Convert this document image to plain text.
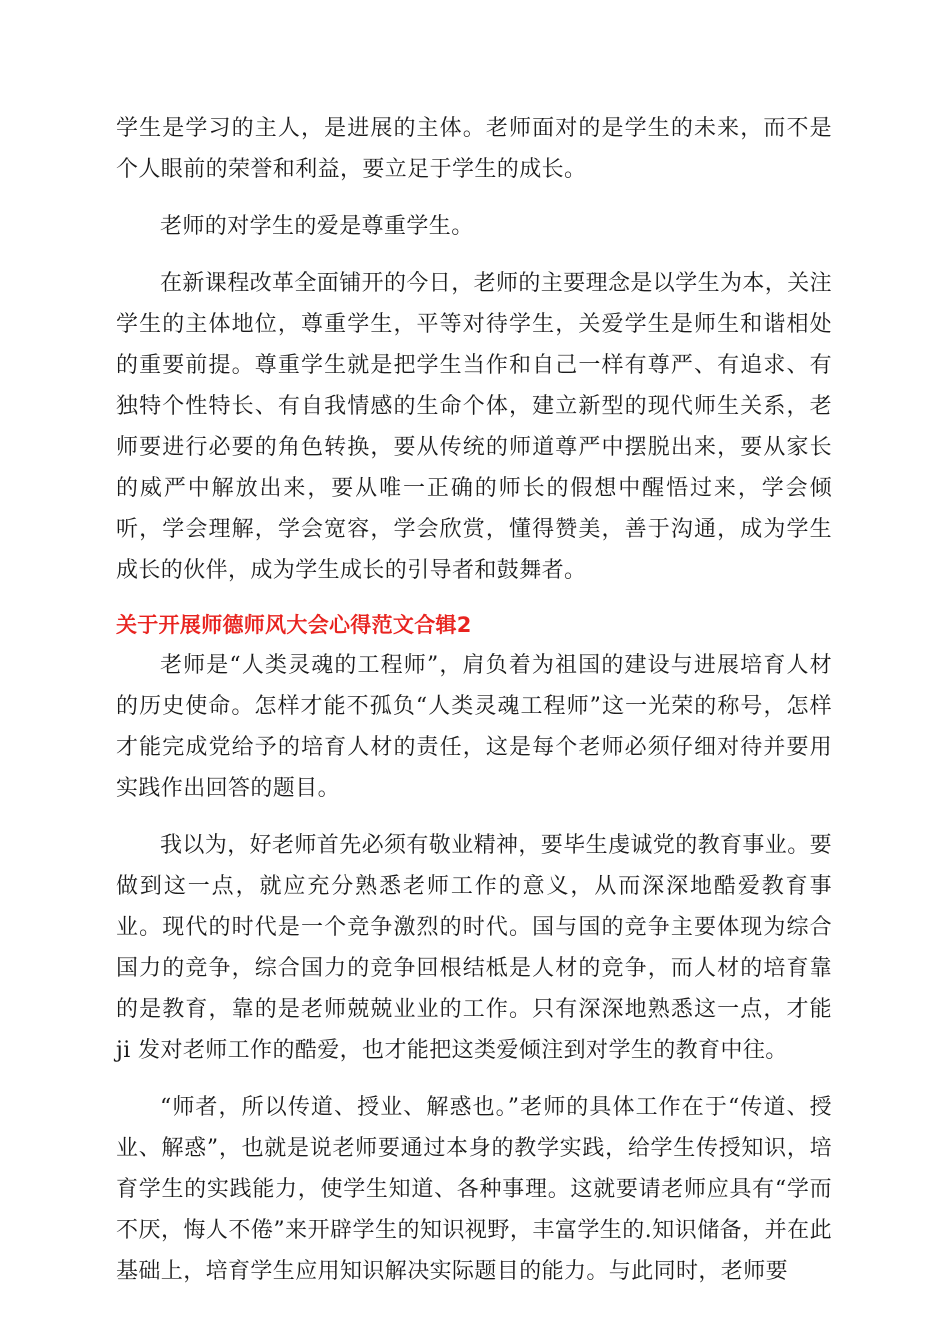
学生是学习的主人，是进展的主体。老师面对的是学生的未来，而不是个人眼前的荣誉和利益，要立足于学生的成长。

老师的对学生的爱是尊重学生。

在新课程改革全面铺开的今日，老师的主要理念是以学生为本，关注学生的主体地位，尊重学生，平等对待学生，关爱学生是师生和谐相处的重要前提。尊重学生就是把学生当作和自己一样有尊严、有追求、有独特个性特长、有自我情感的生命个体，建立新型的现代师生关系，老师要进行必要的角色转换，要从传统的师道尊严中摆脱出来，要从家长的威严中解放出来，要从唯一正确的师长的假想中醒悟过来，学会倾听，学会理解，学会宽容，学会欣赏，懂得赞美，善于沟通，成为学生成长的伙伴，成为学生成长的引导者和鼓舞者。

关于开展师德师风大会心得范文合辑2

老师是“人类灵魂的工程师”，肩负着为祖国的建设与进展培育人材的历史使命。怎样才能不孤负“人类灵魂工程师”这一光荣的称号，怎样才能完成党给予的培育人材的责任，这是每个老师必须仔细对待并要用实践作出回答的题目。

我以为，好老师首先必须有敬业精神，要毕生虔诚党的教育事业。要做到这一点，就应充分熟悉老师工作的意义，从而深深地酷爱教育事业。现代的时代是一个竞争激烈的时代。国与国的竞争主要体现为综合国力的竞争，综合国力的竞争回根结柢是人材的竞争，而人材的培育靠的是教育，靠的是老师兢兢业业的工作。只有深深地熟悉这一点，才能 ji 发对老师工作的酷爱，也才能把这类爱倾注到对学生的教育中往。

“师者，所以传道、授业、解惑也。”老师的具体工作在于“传道、授业、解惑”，也就是说老师要通过本身的教学实践，给学生传授知识，培育学生的实践能力，使学生知道、各种事理。这就要请老师应具有“学而不厌，悔人不倦”来开辟学生的知识视野，丰富学生的.知识储备，并在此基础上，培育学生应用知识解决实际题目的能力。与此同时，老师要
